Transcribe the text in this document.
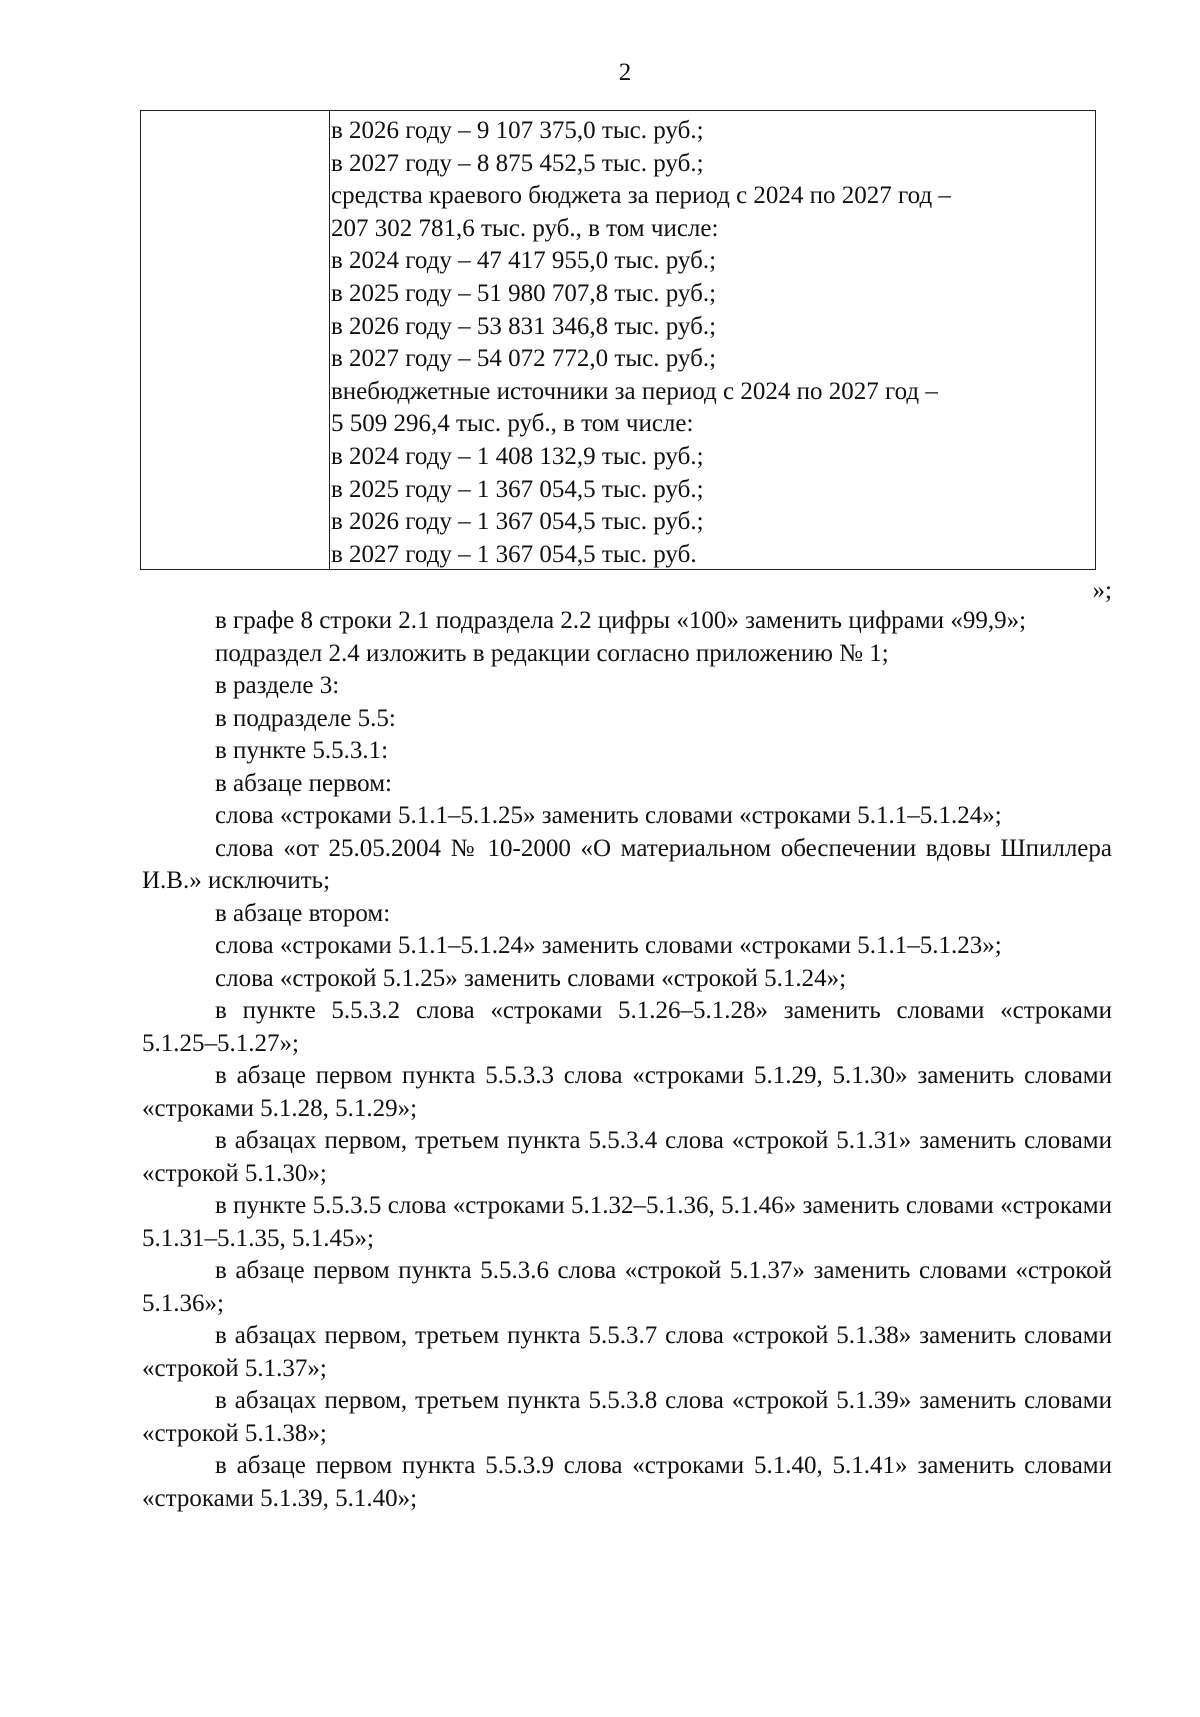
2
в 2026 году – 9 107 375,0 тыс. руб.;
в 2027 году – 8 875 452,5 тыс. руб.;
средства краевого бюджета за период с 2024 по 2027 год –
207 302 781,6 тыс. руб., в том числе:
в 2024 году – 47 417 955,0 тыс. руб.;
в 2025 году – 51 980 707,8 тыс. руб.;
в 2026 году – 53 831 346,8 тыс. руб.;
в 2027 году – 54 072 772,0 тыс. руб.;
внебюджетные источники за период с 2024 по 2027 год –
5 509 296,4 тыс. руб., в том числе:
в 2024 году – 1 408 132,9 тыс. руб.;
в 2025 году – 1 367 054,5 тыс. руб.;
в 2026 году – 1 367 054,5 тыс. руб.;
в 2027 году – 1 367 054,5 тыс. руб.
»;

в графе 8 строки 2.1 подраздела 2.2 цифры «100» заменить цифрами «99,9»;

подраздел 2.4 изложить в редакции согласно приложению № 1;

в разделе 3:

в подразделе 5.5:

в пункте 5.5.3.1:

в абзаце первом:

слова «строками 5.1.1–5.1.25» заменить словами «строками 5.1.1–5.1.24»;

слова «от 25.05.2004 № 10-2000 «О материальном обеспечении вдовы Шпиллера И.В.» исключить;

в абзаце втором:

слова «строками 5.1.1–5.1.24» заменить словами «строками 5.1.1–5.1.23»;

слова «строкой 5.1.25» заменить словами «строкой 5.1.24»;

в пункте 5.5.3.2 слова «строками 5.1.26–5.1.28» заменить словами «строками 5.1.25–5.1.27»;

в абзаце первом пункта 5.5.3.3 слова «строками 5.1.29, 5.1.30» заменить словами «строками 5.1.28, 5.1.29»;

в абзацах первом, третьем пункта 5.5.3.4 слова «строкой 5.1.31» заменить словами «строкой 5.1.30»;

в пункте 5.5.3.5 слова «строками 5.1.32–5.1.36, 5.1.46» заменить словами «строками 5.1.31–5.1.35, 5.1.45»;

в абзаце первом пункта 5.5.3.6 слова «строкой 5.1.37» заменить словами «строкой 5.1.36»;

в абзацах первом, третьем пункта 5.5.3.7 слова «строкой 5.1.38» заменить словами «строкой 5.1.37»;

в абзацах первом, третьем пункта 5.5.3.8 слова «строкой 5.1.39» заменить словами «строкой 5.1.38»;

в абзаце первом пункта 5.5.3.9 слова «строками 5.1.40, 5.1.41» заменить словами «строками 5.1.39, 5.1.40»;
